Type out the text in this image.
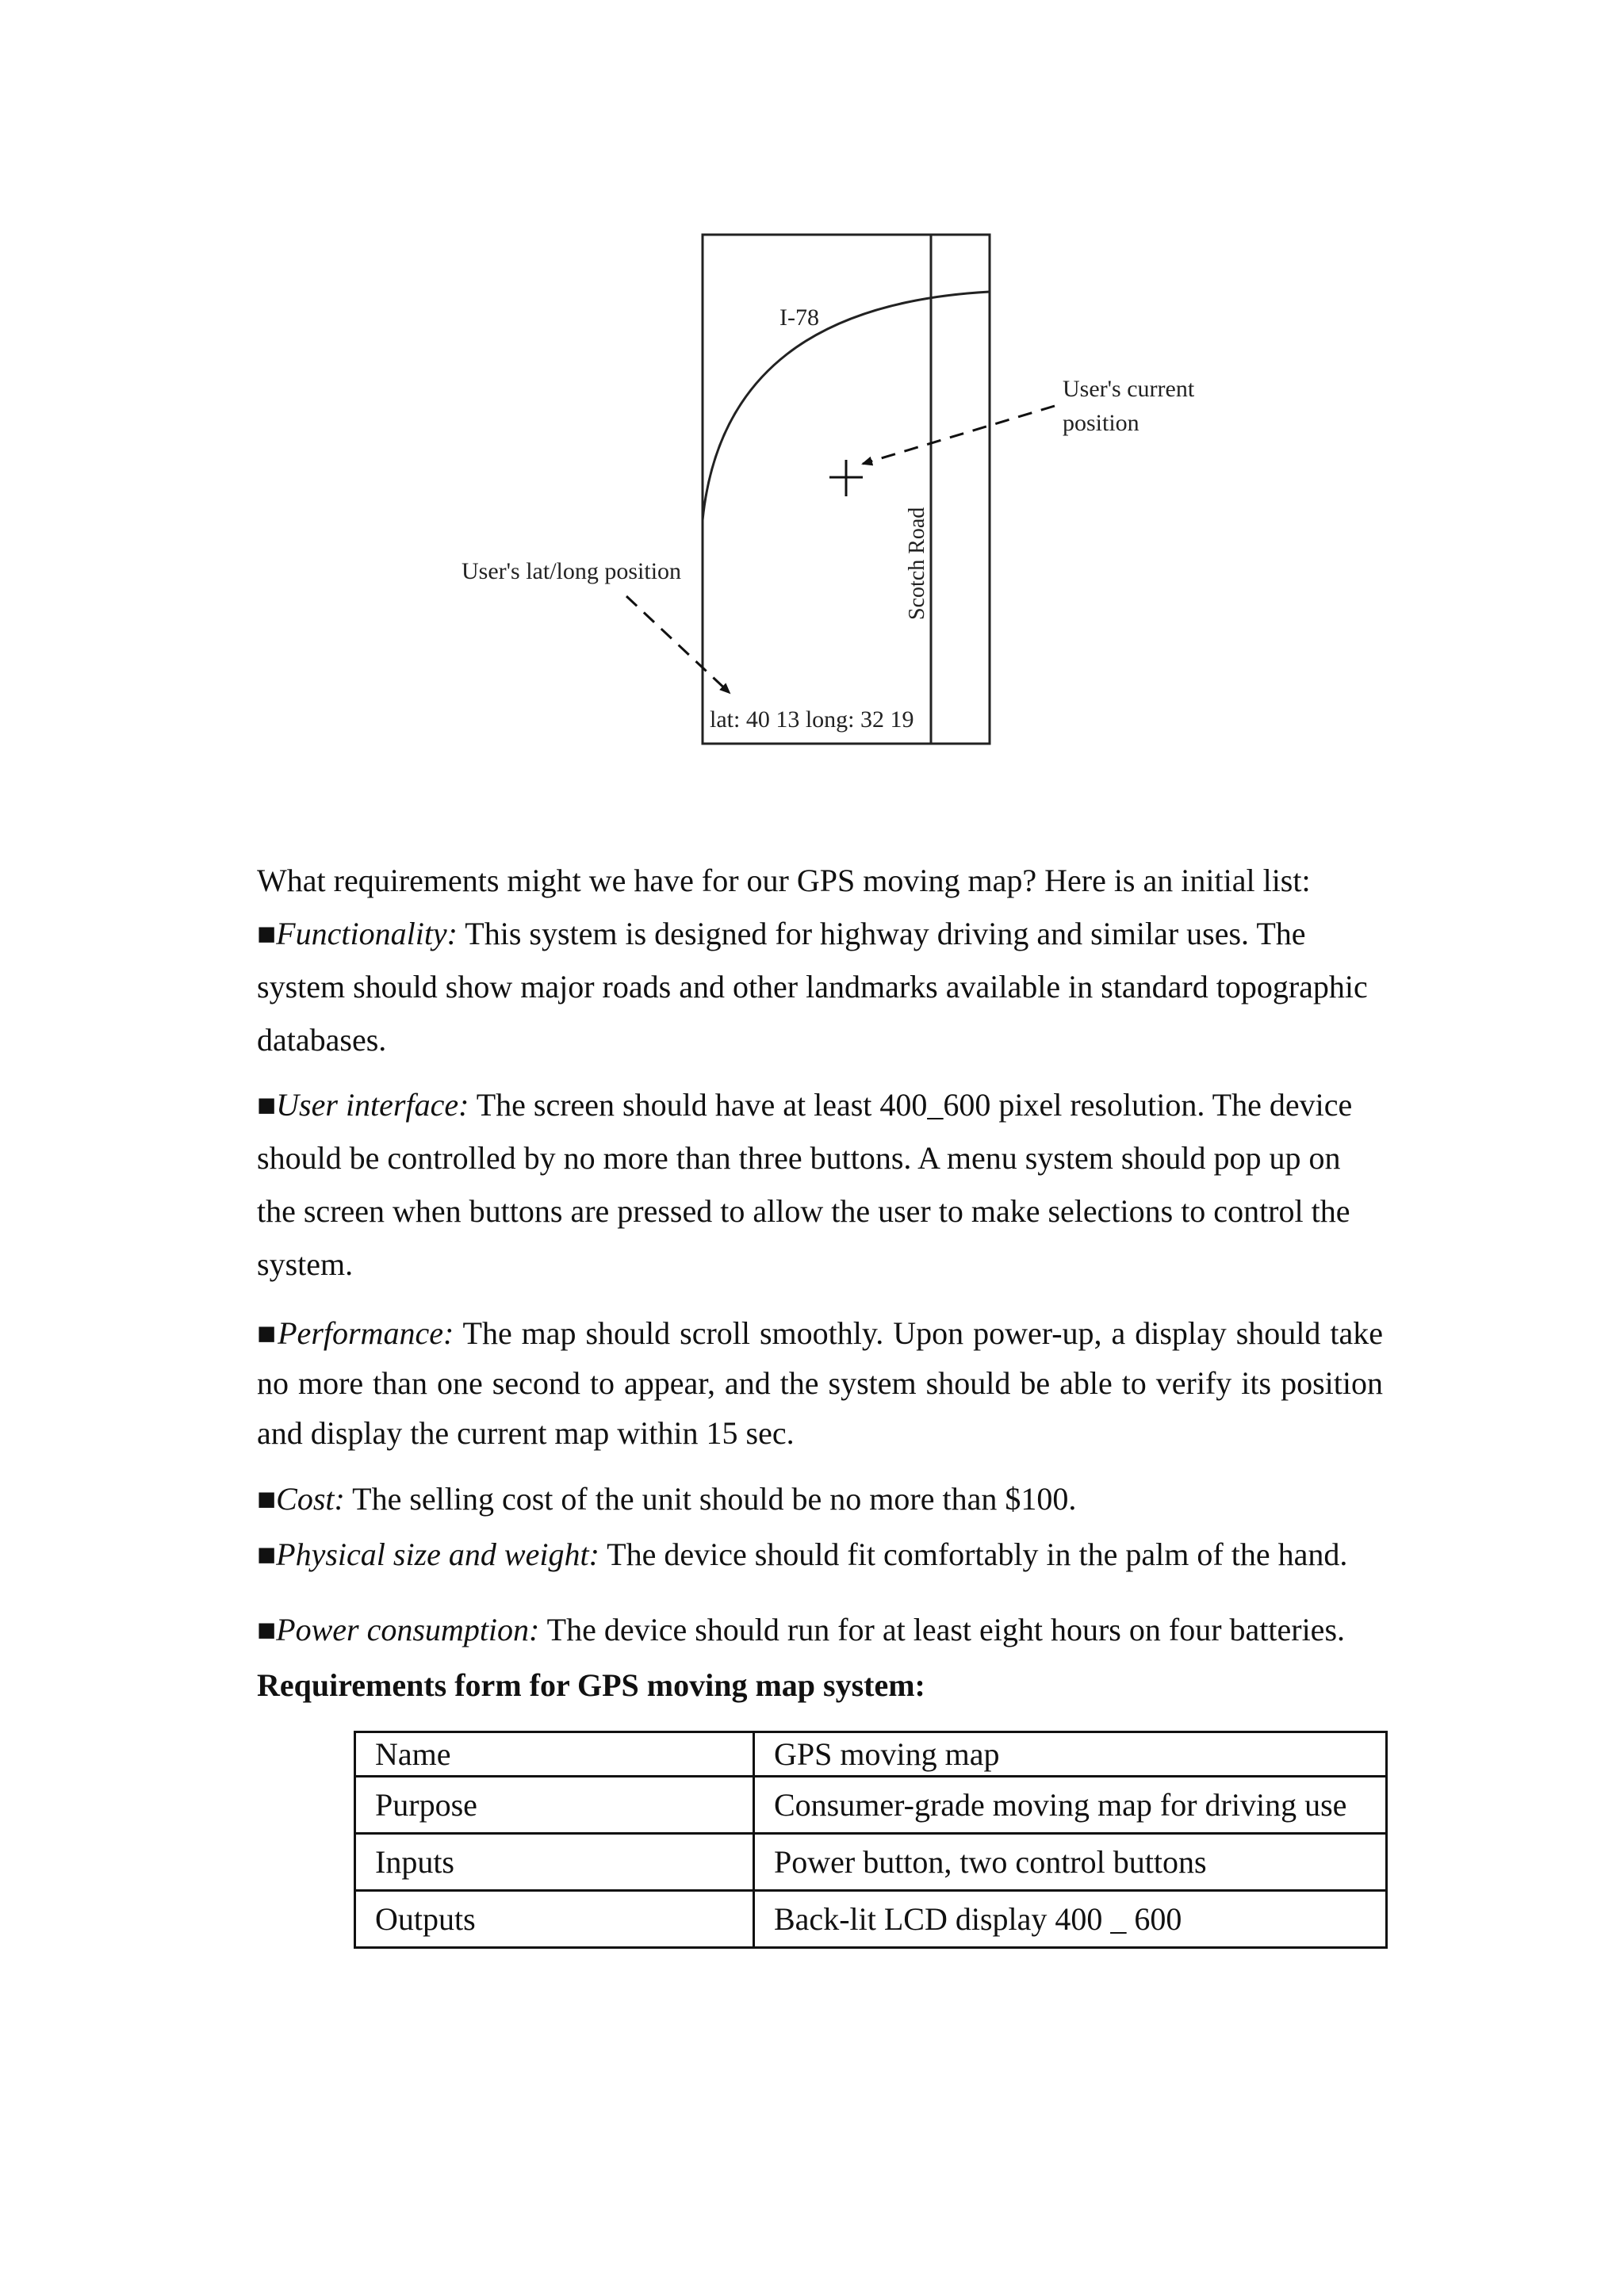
I-78
Scotch Road
User's current
position
User's lat/long position
lat: 40 13 long: 32 19

What requirements might we have for our GPS moving map? Here is an initial list:

■Functionality: This system is designed for highway driving and similar uses. The system should show major roads and other landmarks available in standard topographic databases.

■User interface: The screen should have at least 400_600 pixel resolution. The device should be controlled by no more than three buttons. A menu system should pop up on the screen when buttons are pressed to allow the user to make selections to control the system.

■Performance: The map should scroll smoothly. Upon power-up, a display should take no more than one second to appear, and the system should be able to verify its position and display the current map within 15 sec.

■Cost: The selling cost of the unit should be no more than $100.

■Physical size and weight: The device should fit comfortably in the palm of the hand.

■Power consumption: The device should run for at least eight hours on four batteries.

Requirements form for GPS moving map system:

Name	GPS moving map
Purpose	Consumer-grade moving map for driving use
Inputs	Power button, two control buttons
Outputs	Back-lit LCD display 400 _ 600
